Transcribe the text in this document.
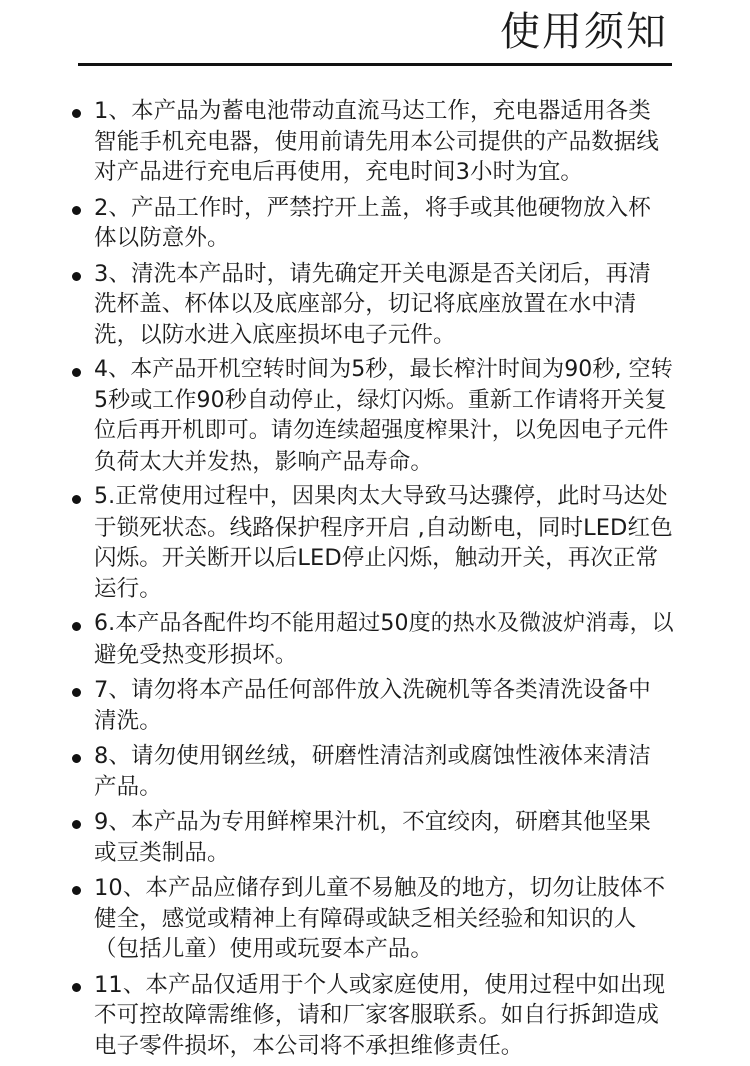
使用须知
1、本产品为蓄电池带动直流马达工作，充电器适用各类
智能手机充电器，使用前请先用本公司提供的产品数据线
对产品进行充电后再使用，充电时间3小时为宜。
2、产品工作时，严禁拧开上盖，将手或其他硬物放入杯
体以防意外。
3、清洗本产品时，请先确定开关电源是否关闭后，再清
洗杯盖、杯体以及底座部分，切记将底座放置在水中清
洗，以防水进入底座损坏电子元件。
4、本产品开机空转时间为5秒，最长榨汁时间为90秒, 空转
5秒或工作90秒自动停止，绿灯闪烁。重新工作请将开关复
位后再开机即可。请勿连续超强度榨果汁，以免因电子元件
负荷太大并发热，影响产品寿命。
5.正常使用过程中，因果肉太大导致马达骤停，此时马达处
于锁死状态。线路保护程序开启 ,自动断电，同时LED红色
闪烁。开关断开以后LED停止闪烁，触动开关，再次正常
运行。
6.本产品各配件均不能用超过50度的热水及微波炉消毒，以
避免受热变形损坏。
7、请勿将本产品任何部件放入洗碗机等各类清洗设备中
清洗。
8、请勿使用钢丝绒，研磨性清洁剂或腐蚀性液体来清洁
产品。
9、本产品为专用鲜榨果汁机，不宜绞肉，研磨其他坚果
或豆类制品。
10、本产品应储存到儿童不易触及的地方，切勿让肢体不
健全，感觉或精神上有障碍或缺乏相关经验和知识的人
（包括儿童）使用或玩耍本产品。
11、本产品仅适用于个人或家庭使用，使用过程中如出现
不可控故障需维修，请和厂家客服联系。如自行拆卸造成
电子零件损坏，本公司将不承担维修责任。
